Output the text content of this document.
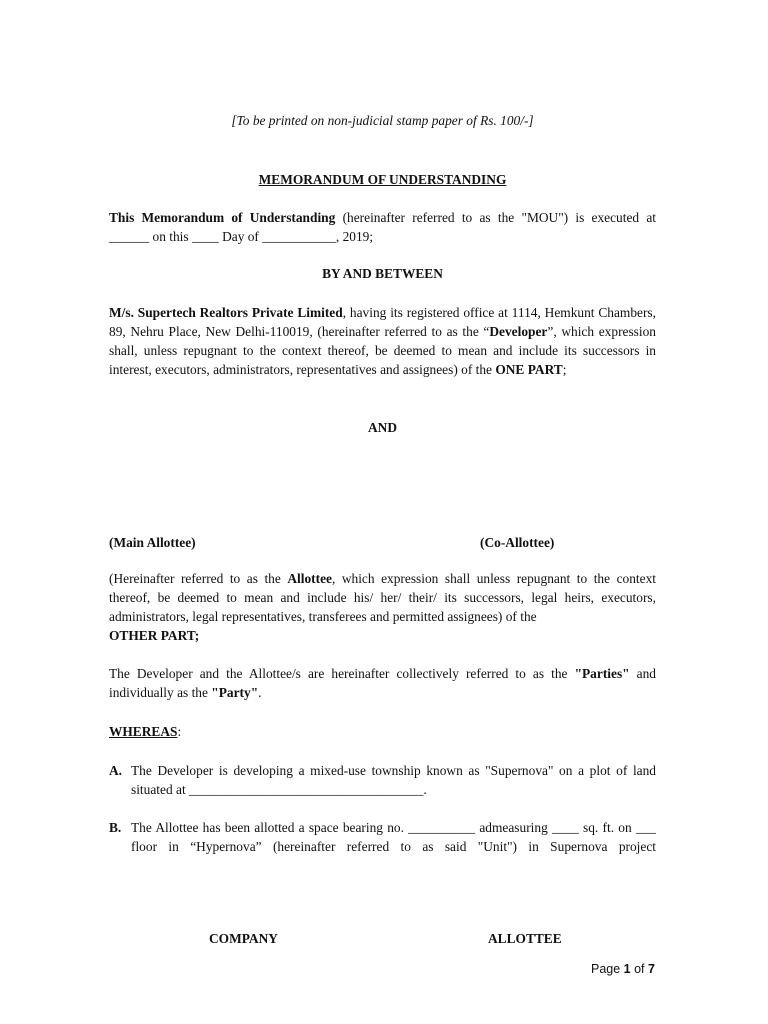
[To be printed on non-judicial stamp paper of Rs. 100/-]
MEMORANDUM OF UNDERSTANDING
This Memorandum of Understanding (hereinafter referred to as the "MOU") is executed at
______ on this ____ Day of ___________, 2019;
BY AND BETWEEN
M/s. Supertech Realtors Private Limited, having its registered office at 1114, Hemkunt Chambers, 89, Nehru Place, New Delhi-110019, (hereinafter referred to as the “Developer”, which expression shall, unless repugnant to the context thereof, be deemed to mean and include its successors in interest, executors, administrators, representatives and assignees) of the ONE PART;
AND
(Main Allottee)	(Co-Allottee)
(Hereinafter referred to as the Allottee, which expression shall unless repugnant to the context thereof, be deemed to mean and include his/ her/ their/ its successors, legal heirs, executors, administrators, legal representatives, transferees and permitted assignees) of the
OTHER PART;
The Developer and the Allottee/s are hereinafter collectively referred to as the "Parties" and individually as the "Party".
WHEREAS:
A. The Developer is developing a mixed-use township known as "Supernova" on a plot of land situated at ___________________________________.
B. The Allottee has been allotted a space bearing no. __________ admeasuring ____ sq. ft. on ___ floor in “Hypernova” (hereinafter referred to as said "Unit") in Supernova project
COMPANY	ALLOTTEE
Page 1 of 7
